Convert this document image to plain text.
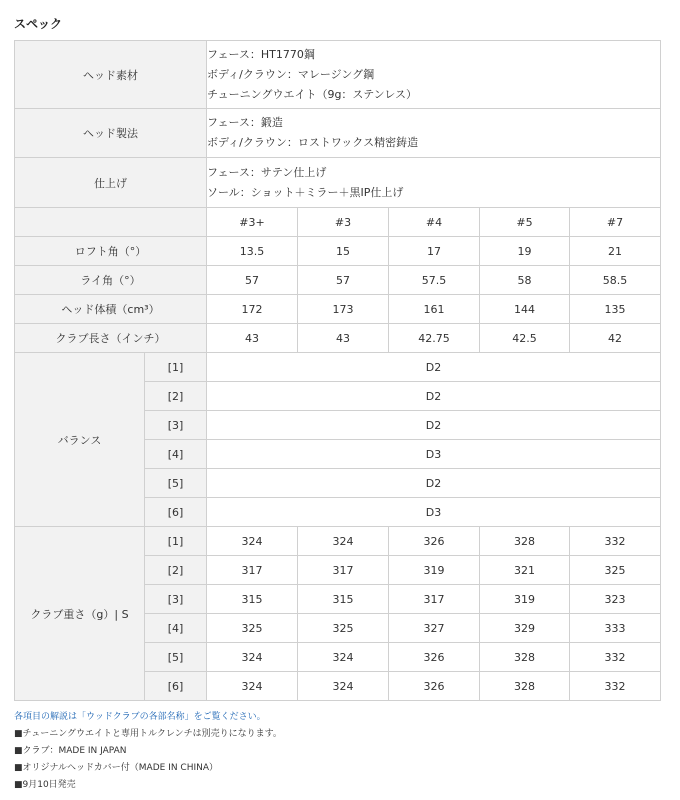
スペック
ヘッド素材		フェース：HT1770鋼
ボディ/クラウン：マレージング鋼
チューニングウエイト（9g：ステンレス）				

ヘッド製法		フェース：鍛造
ボディ/クラウン：ロストワックス精密鋳造				

仕上げ		フェース：サテン仕上げ
ソール：ショット＋ミラー＋黒IP仕上げ				

		#3+	#3	#4	#5	#7
ロフト角（°）		13.5	15	17	19	21
ライ角（°）		57	57	57.5	58	58.5
ヘッド体積（cm³）		172	173	161	144	135
クラブ長さ（インチ）		43	43	42.75	42.5	42
バランス	[1]	D2				
	[2]	D2				
	[3]	D2				
	[4]	D3				
	[5]	D2				
	[6]	D3				
クラブ重さ（g）| S	[1]	324	324	326	328	332
	[2]	317	317	319	321	325
	[3]	315	315	317	319	323
	[4]	325	325	327	329	333
	[5]	324	324	326	328	332
	[6]	324	324	326	328	332
各項目の解説は「ウッドクラブの各部名称」をご覧ください。
■チューニングウエイトと専用トルクレンチは別売りになります。
■クラブ：MADE IN JAPAN
■オリジナルヘッドカバー付（MADE IN CHINA）
■9月10日発売
